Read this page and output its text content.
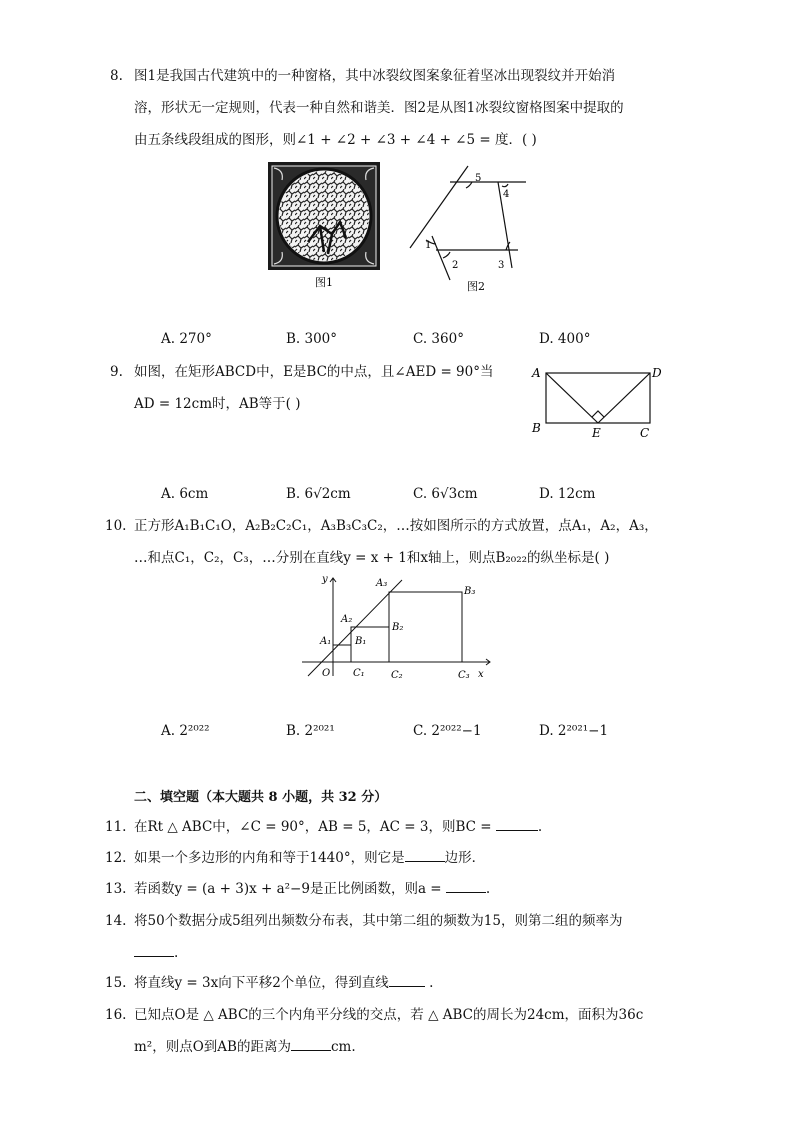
8. 图1是我国古代建筑中的一种窗格，其中冰裂纹图案象征着坚冰出现裂纹并开始消
溶，形状无一定规则，代表一种自然和谐美．图2是从图1冰裂纹窗格图案中提取的
由五条线段组成的图形，则∠1 + ∠2 + ∠3 + ∠4 + ∠5 = 度．( )
图1
1
2	3
4
5
图2
A. 270°	B. 300°	C. 360°	D. 400°
9. 如图，在矩形ABCD中，E是BC的中点，且∠AED = 90°当
AD = 12cm时，AB等于( )
A	D
B	E	C
A. 6cm	B. 6√2cm	C. 6√3cm	D. 12cm
10. 正方形A₁B₁C₁O，A₂B₂C₂C₁，A₃B₃C₃C₂，…按如图所示的方式放置，点A₁，A₂，A₃，
…和点C₁，C₂，C₃，…分别在直线y = x + 1和x轴上，则点B₂₀₂₂的纵坐标是( )
y
x
O
A₁
A₂
A₃
B₁
B₂
B₃
C₁	C₂	C₃
A. 2²⁰²²	B. 2²⁰²¹	C. 2²⁰²²−1	D. 2²⁰²¹−1
二、填空题（本大题共 8 小题，共 32 分）
11. 在Rt △ ABC中，∠C = 90°，AB = 5，AC = 3，则BC =	.
12. 如果一个多边形的内角和等于1440°，则它是	边形．
13. 若函数y = (a + 3)x + a²−9是正比例函数，则a =	.
14. 将50个数据分成5组列出频数分布表，其中第二组的频数为15，则第二组的频率为
.
15. 将直线y = 3x向下平移2个单位，得到直线	.
16. 已知点O是 △ ABC的三个内角平分线的交点，若 △ ABC的周长为24cm，面积为36c
m²，则点O到AB的距离为	cm.
